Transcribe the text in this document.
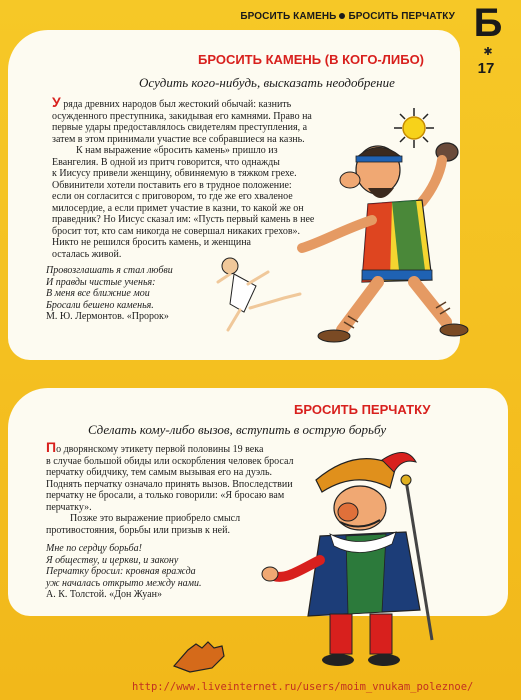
БРОСИТЬ КАМЕНЬ БРОСИТЬ ПЕРЧАТКУ Б
✱
17
БРОСИТЬ КАМЕНЬ (В КОГО-ЛИБО)
Осудить кого-нибудь, высказать неодобрение

У ряда древних народов был жестокий обычай: казнить

осужденного преступника, закидывая его камнями. Право на

первые удары предоставлялось свидетелям преступления, а

затем в этом принимали участие все собравшиеся на казнь.

К нам выражение «бросить камень» пришло из

Евангелия. В одной из притч говорится, что однажды

к Иисусу привели женщину, обвиняемую в тяжком грехе.

Обвинители хотели поставить его в трудное положение:

если он согласится с приговором, то где же его хваленое

милосердие, а если примет участие в казни, то какой же он

праведник? Но Иисус сказал им: «Пусть первый камень в нее

бросит тот, кто сам никогда не совершал никаких грехов».

Никто не решился бросить камень, и женщина

осталась живой.

Провозглашать я стал любви
И правды чистые ученья:
В меня все ближние мои
Бросали бешено каменья.
М. Ю. Лермонтов. «Пророк»
БРОСИТЬ ПЕРЧАТКУ
Сделать кому-либо вызов, вступить в острую борьбу

По дворянскому этикету первой половины 19 века

в случае большой обиды или оскорбления человек бросал

перчатку обидчику, тем самым вызывая его на дуэль.

Поднять перчатку означало принять вызов. Впоследствии

перчатку не бросали, а только говорили: «Я бросаю вам

перчатку».

Позже это выражение приобрело смысл

противостояния, борьбы или призыв к ней.

Мне по сердцу борьба!
Я обществу, и церкви, и закону
Перчатку бросил: кровная вражда
уж началась открыто между нами.
А. К. Толстой. «Дон Жуан»
http://www.liveinternet.ru/users/moim_vnukam_poleznoe/
